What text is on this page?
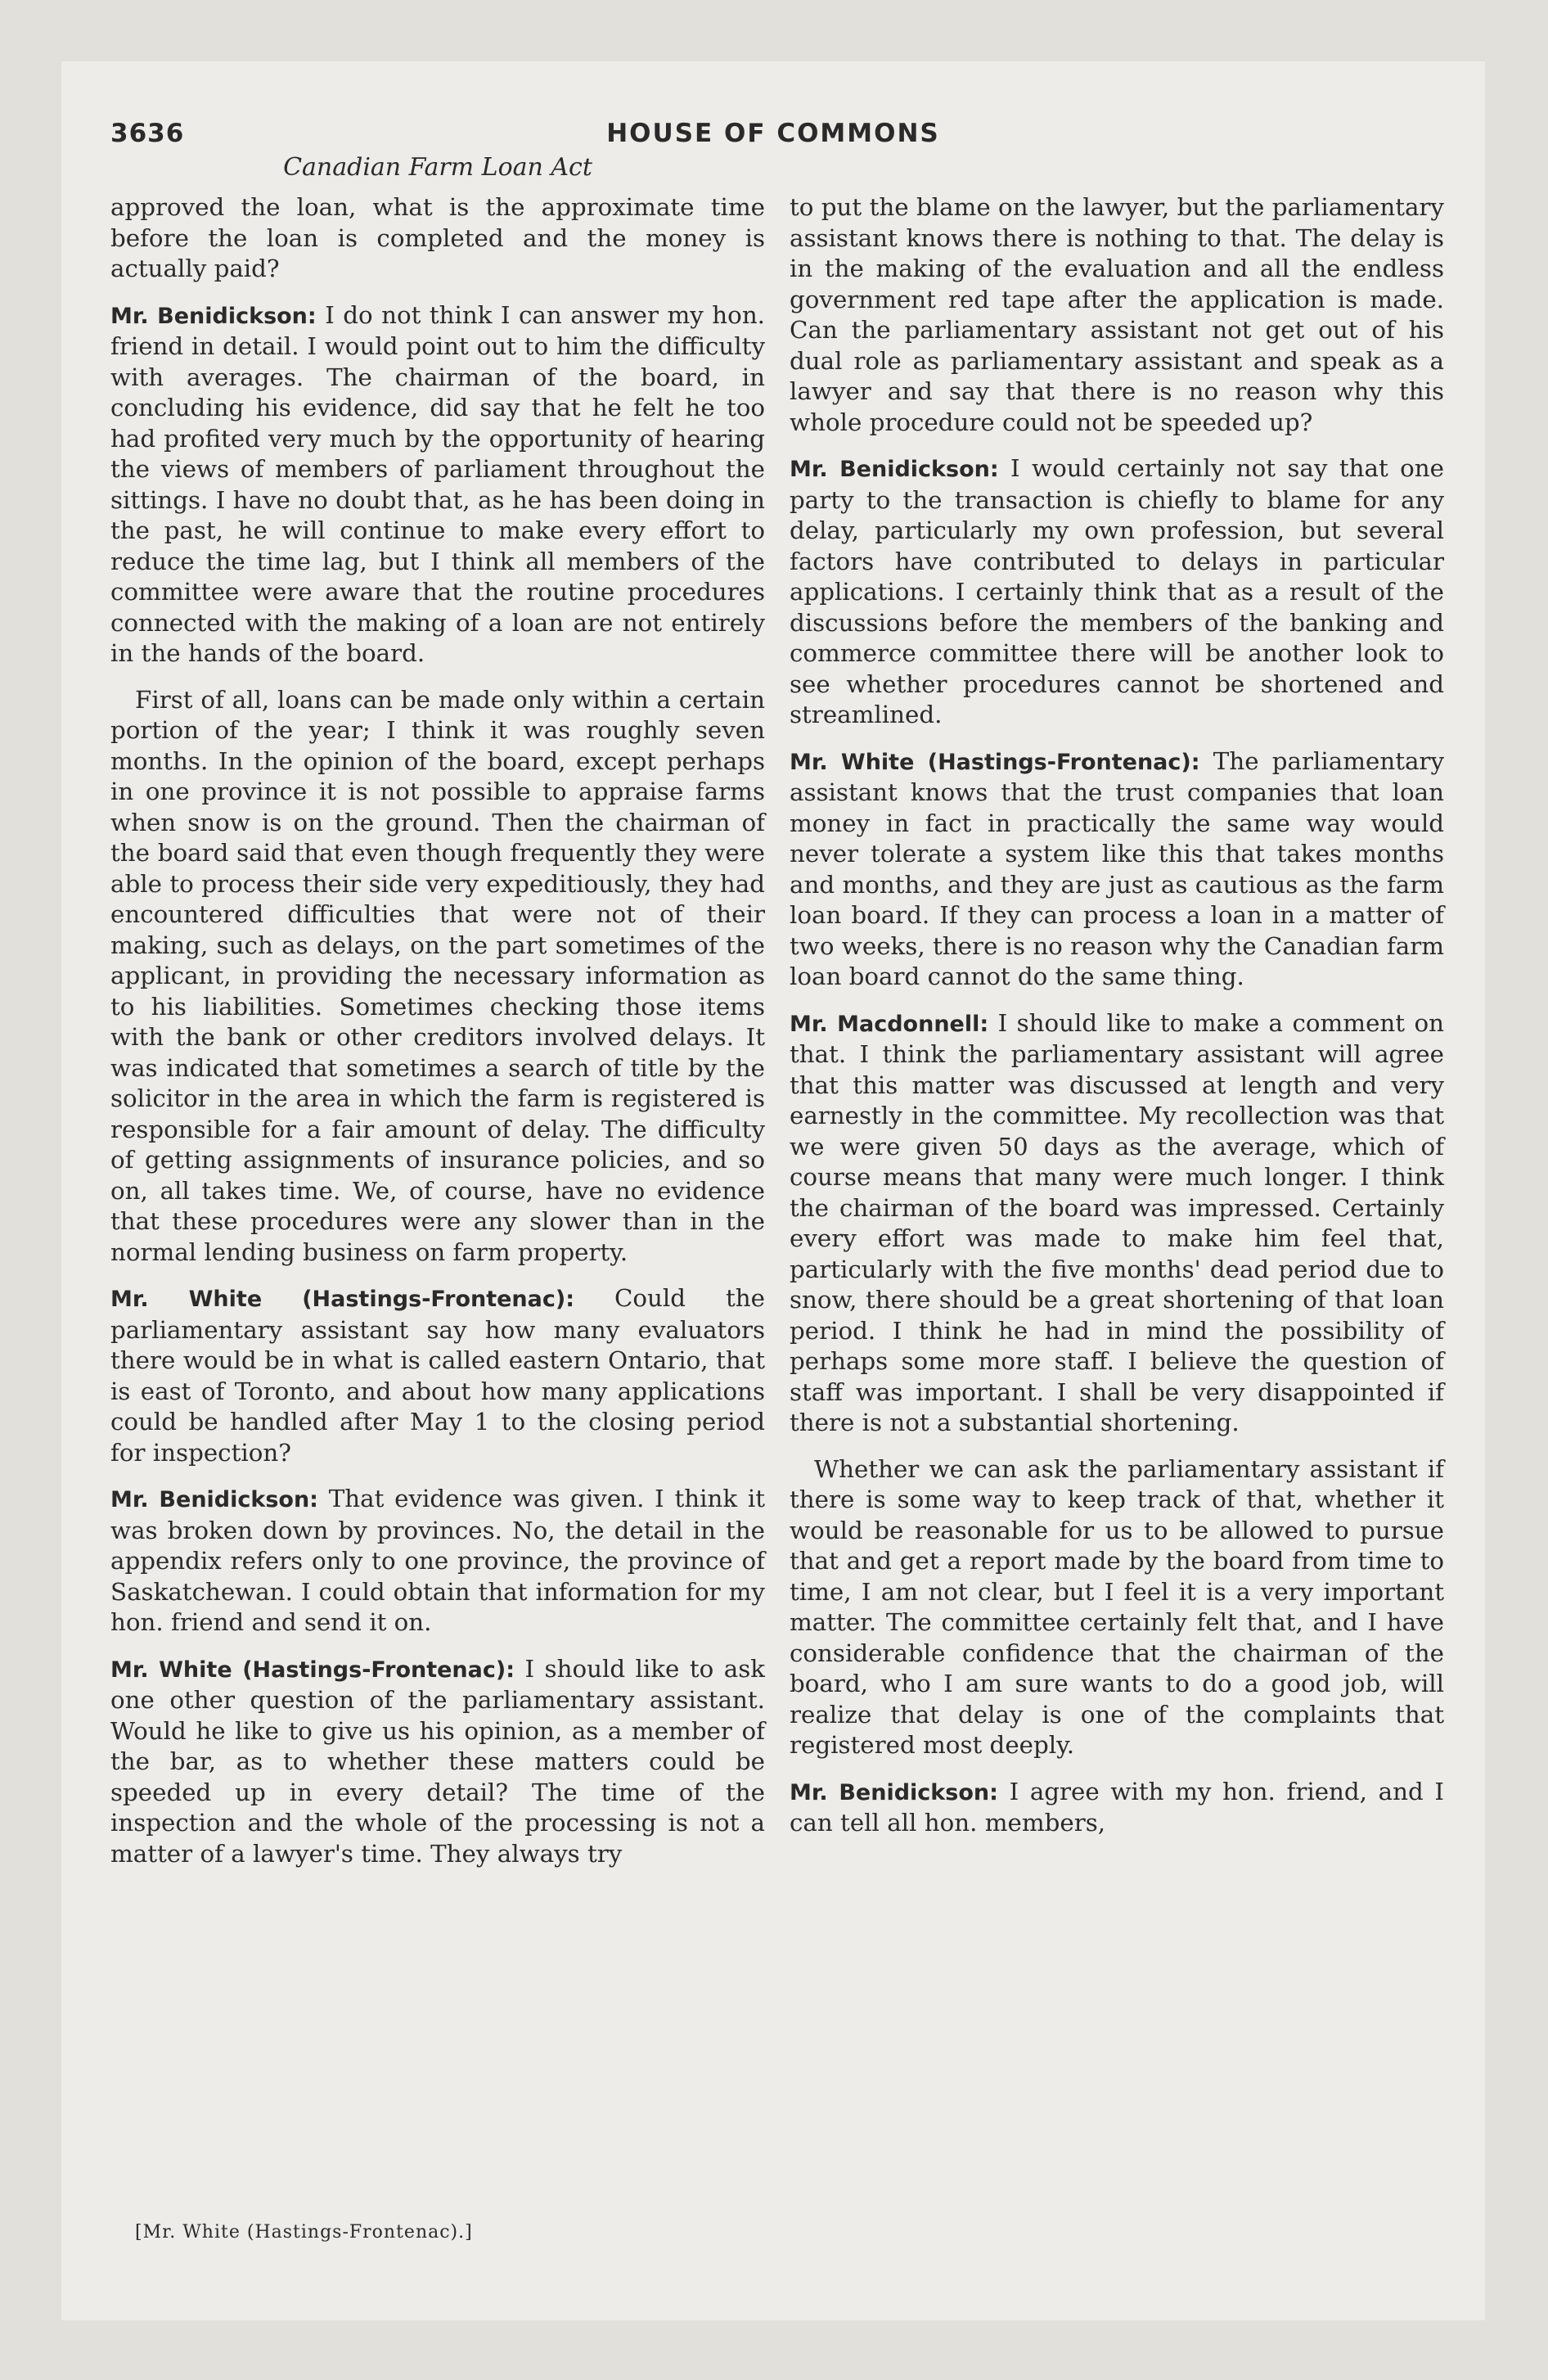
3636	HOUSE OF COMMONS
Canadian Farm Loan Act

approved the loan, what is the approximate time before the loan is completed and the money is actually paid?

Mr. Benidickson: I do not think I can answer my hon. friend in detail. I would point out to him the difficulty with averages. The chairman of the board, in concluding his evidence, did say that he felt he too had profited very much by the opportunity of hearing the views of members of parliament throughout the sittings. I have no doubt that, as he has been doing in the past, he will continue to make every effort to reduce the time lag, but I think all members of the committee were aware that the routine procedures connected with the making of a loan are not entirely in the hands of the board.

First of all, loans can be made only within a certain portion of the year; I think it was roughly seven months. In the opinion of the board, except perhaps in one province it is not possible to appraise farms when snow is on the ground. Then the chairman of the board said that even though frequently they were able to process their side very expeditiously, they had encountered difficulties that were not of their making, such as delays, on the part sometimes of the applicant, in providing the necessary information as to his liabilities. Sometimes checking those items with the bank or other creditors involved delays. It was indicated that sometimes a search of title by the solicitor in the area in which the farm is registered is responsible for a fair amount of delay. The difficulty of getting assignments of insurance policies, and so on, all takes time. We, of course, have no evidence that these procedures were any slower than in the normal lending business on farm property.

Mr. White (Hastings-Frontenac): Could the parliamentary assistant say how many evaluators there would be in what is called eastern Ontario, that is east of Toronto, and about how many applications could be handled after May 1 to the closing period for inspection?

Mr. Benidickson: That evidence was given. I think it was broken down by provinces. No, the detail in the appendix refers only to one province, the province of Saskatchewan. I could obtain that information for my hon. friend and send it on.

Mr. White (Hastings-Frontenac): I should like to ask one other question of the parliamentary assistant. Would he like to give us his opinion, as a member of the bar, as to whether these matters could be speeded up in every detail? The time of the inspection and the whole of the processing is not a matter of a lawyer's time. They always try

to put the blame on the lawyer, but the parliamentary assistant knows there is nothing to that. The delay is in the making of the evaluation and all the endless government red tape after the application is made. Can the parliamentary assistant not get out of his dual role as parliamentary assistant and speak as a lawyer and say that there is no reason why this whole procedure could not be speeded up?

Mr. Benidickson: I would certainly not say that one party to the transaction is chiefly to blame for any delay, particularly my own profession, but several factors have contributed to delays in particular applications. I certainly think that as a result of the discussions before the members of the banking and commerce committee there will be another look to see whether procedures cannot be shortened and streamlined.

Mr. White (Hastings-Frontenac): The parliamentary assistant knows that the trust companies that loan money in fact in practically the same way would never tolerate a system like this that takes months and months, and they are just as cautious as the farm loan board. If they can process a loan in a matter of two weeks, there is no reason why the Canadian farm loan board cannot do the same thing.

Mr. Macdonnell: I should like to make a comment on that. I think the parliamentary assistant will agree that this matter was discussed at length and very earnestly in the committee. My recollection was that we were given 50 days as the average, which of course means that many were much longer. I think the chairman of the board was impressed. Certainly every effort was made to make him feel that, particularly with the five months' dead period due to snow, there should be a great shortening of that loan period. I think he had in mind the possibility of perhaps some more staff. I believe the question of staff was important. I shall be very disappointed if there is not a substantial shortening.

Whether we can ask the parliamentary assistant if there is some way to keep track of that, whether it would be reasonable for us to be allowed to pursue that and get a report made by the board from time to time, I am not clear, but I feel it is a very important matter. The committee certainly felt that, and I have considerable confidence that the chairman of the board, who I am sure wants to do a good job, will realize that delay is one of the complaints that registered most deeply.

Mr. Benidickson: I agree with my hon. friend, and I can tell all hon. members,

[Mr. White (Hastings-Frontenac).]
